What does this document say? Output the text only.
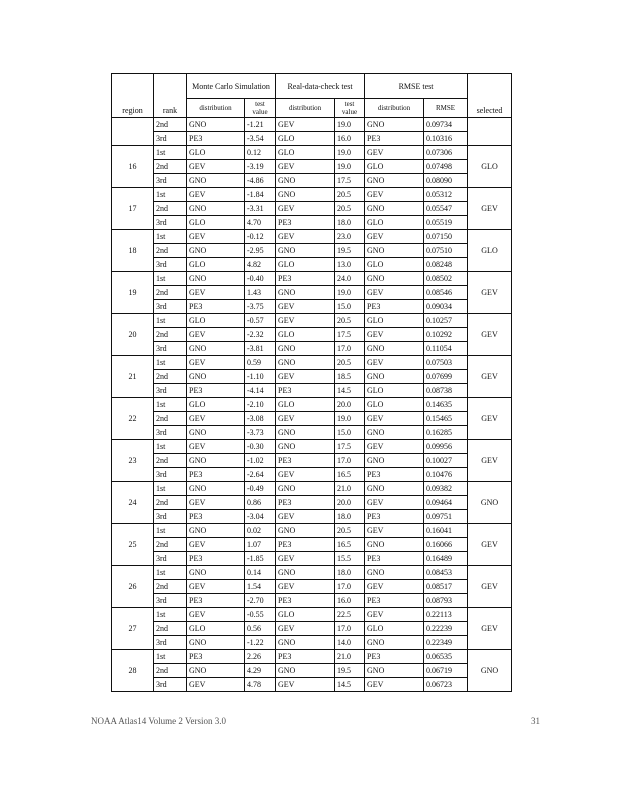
region	rank	Monte Carlo Simulation		Real-data-check test		RMSE test		selected
		distribution	test value	distribution	test value	distribution	RMSE	
	2nd	GNO	-1.21	GEV	19.0	GNO	0.09734	
	3rd	PE3	-3.54	GLO	16.0	PE3	0.10316	
16	1st	GLO	0.12	GLO	19.0	GEV	0.07306	GLO
	2nd	GEV	-3.19	GEV	19.0	GLO	0.07498	
	3rd	GNO	-4.86	GNO	17.5	GNO	0.08090	
17	1st	GEV	-1.84	GNO	20.5	GEV	0.05312	GEV
	2nd	GNO	-3.31	GEV	20.5	GNO	0.05547	
	3rd	GLO	4.70	PE3	18.0	GLO	0.05519	
18	1st	GEV	-0.12	GEV	23.0	GEV	0.07150	GLO
	2nd	GNO	-2.95	GNO	19.5	GNO	0.07510	
	3rd	GLO	4.82	GLO	13.0	GLO	0.08248	
19	1st	GNO	-0.40	PE3	24.0	GNO	0.08502	GEV
	2nd	GEV	1.43	GNO	19.0	GEV	0.08546	
	3rd	PE3	-3.75	GEV	15.0	PE3	0.09034	
20	1st	GLO	-0.57	GEV	20.5	GLO	0.10257	GEV
	2nd	GEV	-2.32	GLO	17.5	GEV	0.10292	
	3rd	GNO	-3.81	GNO	17.0	GNO	0.11054	
21	1st	GEV	0.59	GNO	20.5	GEV	0.07503	GEV
	2nd	GNO	-1.10	GEV	18.5	GNO	0.07699	
	3rd	PE3	-4.14	PE3	14.5	GLO	0.08738	
22	1st	GLO	-2.10	GLO	20.0	GLO	0.14635	GEV
	2nd	GEV	-3.08	GEV	19.0	GEV	0.15465	
	3rd	GNO	-3.73	GNO	15.0	GNO	0.16285	
23	1st	GEV	-0.30	GNO	17.5	GEV	0.09956	GEV
	2nd	GNO	-1.02	PE3	17.0	GNO	0.10027	
	3rd	PE3	-2.64	GEV	16.5	PE3	0.10476	
24	1st	GNO	-0.49	GNO	21.0	GNO	0.09382	GNO
	2nd	GEV	0.86	PE3	20.0	GEV	0.09464	
	3rd	PE3	-3.04	GEV	18.0	PE3	0.09751	
25	1st	GNO	0.02	GNO	20.5	GEV	0.16041	GEV
	2nd	GEV	1.07	PE3	16.5	GNO	0.16066	
	3rd	PE3	-1.85	GEV	15.5	PE3	0.16489	
26	1st	GNO	0.14	GNO	18.0	GNO	0.08453	GEV
	2nd	GEV	1.54	GEV	17.0	GEV	0.08517	
	3rd	PE3	-2.70	PE3	16.0	PE3	0.08793	
27	1st	GEV	-0.55	GLO	22.5	GEV	0.22113	GEV
	2nd	GLO	0.56	GEV	17.0	GLO	0.22239	
	3rd	GNO	-1.22	GNO	14.0	GNO	0.22349	
28	1st	PE3	2.26	PE3	21.0	PE3	0.06535	GNO
	2nd	GNO	4.29	GNO	19.5	GNO	0.06719	
	3rd	GEV	4.78	GEV	14.5	GEV	0.06723	
NOAA Atlas14 Volume 2 Version 3.0	31
